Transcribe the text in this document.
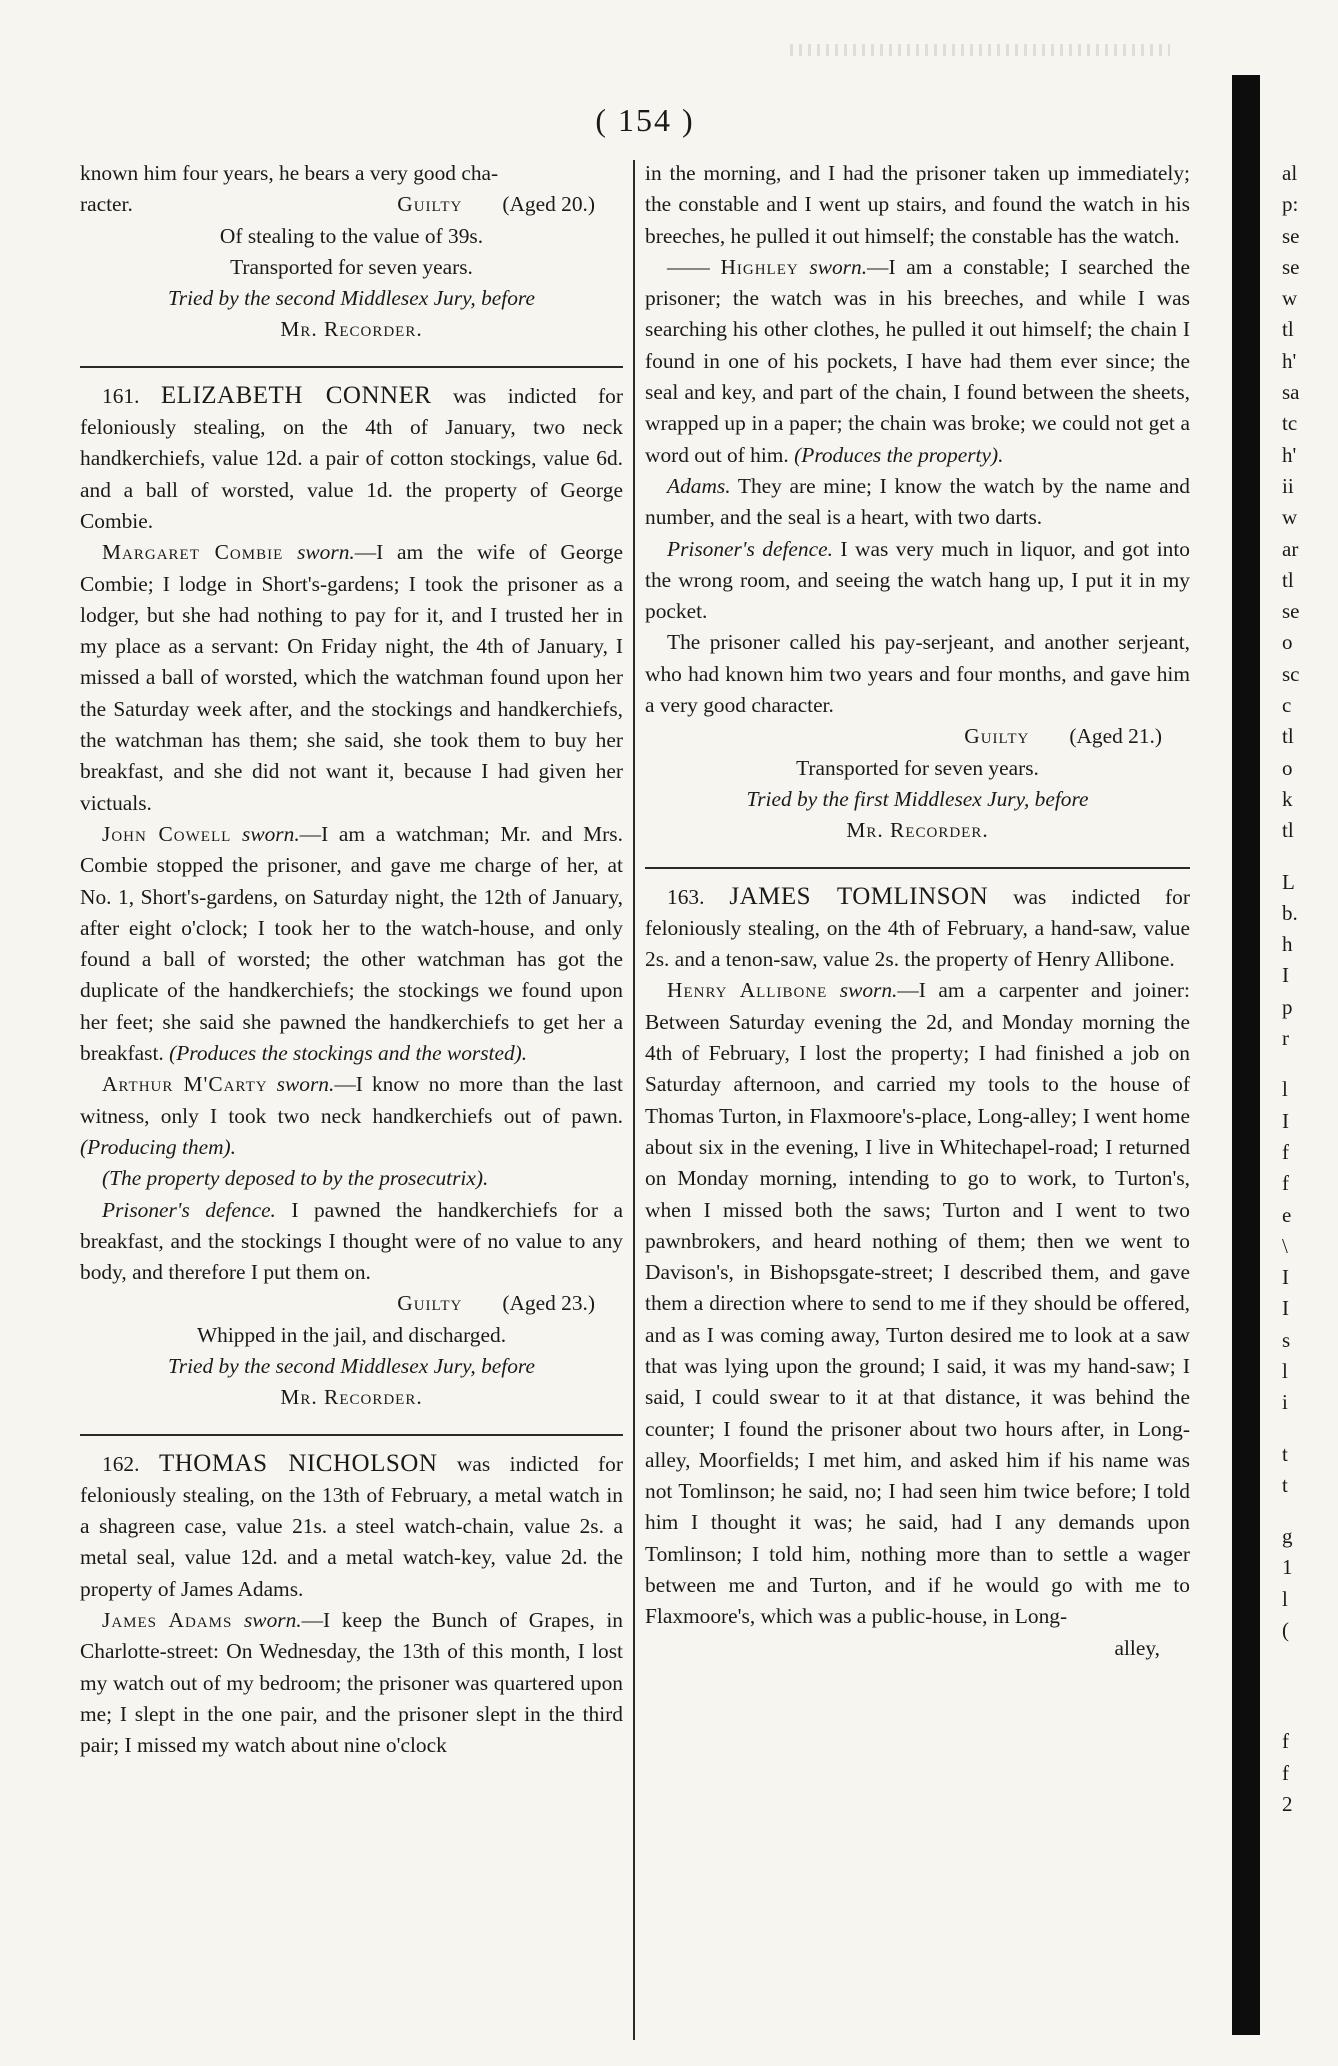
( 154 )

known him four years, he bears a very good cha-

racter.	Guilty (Aged 20.)

Of stealing to the value of 39s.

Transported for seven years.

Tried by the second Middlesex Jury, before

Mr. Recorder.

161. ELIZABETH CONNER was indicted for feloniously stealing, on the 4th of January, two neck handkerchiefs, value 12d. a pair of cotton stockings, value 6d. and a ball of worsted, value 1d. the property of George Combie.

Margaret Combie sworn.—I am the wife of George Combie; I lodge in Short's-gardens; I took the prisoner as a lodger, but she had nothing to pay for it, and I trusted her in my place as a servant: On Friday night, the 4th of January, I missed a ball of worsted, which the watchman found upon her the Saturday week after, and the stockings and handkerchiefs, the watchman has them; she said, she took them to buy her breakfast, and she did not want it, because I had given her victuals.

John Cowell sworn.—I am a watchman; Mr. and Mrs. Combie stopped the prisoner, and gave me charge of her, at No. 1, Short's-gardens, on Saturday night, the 12th of January, after eight o'clock; I took her to the watch-house, and only found a ball of worsted; the other watchman has got the duplicate of the handkerchiefs; the stockings we found upon her feet; she said she pawned the handkerchiefs to get her a breakfast. (Produces the stockings and the worsted).

Arthur M'Carty sworn.—I know no more than the last witness, only I took two neck handkerchiefs out of pawn. (Producing them).

(The property deposed to by the prosecutrix).

Prisoner's defence. I pawned the handkerchiefs for a breakfast, and the stockings I thought were of no value to any body, and therefore I put them on.

Guilty (Aged 23.)

Whipped in the jail, and discharged.

Tried by the second Middlesex Jury, before

Mr. Recorder.

162. THOMAS NICHOLSON was indicted for feloniously stealing, on the 13th of February, a metal watch in a shagreen case, value 21s. a steel watch-chain, value 2s. a metal seal, value 12d. and a metal watch-key, value 2d. the property of James Adams.

James Adams sworn.—I keep the Bunch of Grapes, in Charlotte-street: On Wednesday, the 13th of this month, I lost my watch out of my bedroom; the prisoner was quartered upon me; I slept in the one pair, and the prisoner slept in the third pair; I missed my watch about nine o'clock

in the morning, and I had the prisoner taken up immediately; the constable and I went up stairs, and found the watch in his breeches, he pulled it out himself; the constable has the watch.

—— Highley sworn.—I am a constable; I searched the prisoner; the watch was in his breeches, and while I was searching his other clothes, he pulled it out himself; the chain I found in one of his pockets, I have had them ever since; the seal and key, and part of the chain, I found between the sheets, wrapped up in a paper; the chain was broke; we could not get a word out of him. (Produces the property).

Adams. They are mine; I know the watch by the name and number, and the seal is a heart, with two darts.

Prisoner's defence. I was very much in liquor, and got into the wrong room, and seeing the watch hang up, I put it in my pocket.

The prisoner called his pay-serjeant, and another serjeant, who had known him two years and four months, and gave him a very good character.

Guilty (Aged 21.)

Transported for seven years.

Tried by the first Middlesex Jury, before

Mr. Recorder.

163. JAMES TOMLINSON was indicted for feloniously stealing, on the 4th of February, a hand-saw, value 2s. and a tenon-saw, value 2s. the property of Henry Allibone.

Henry Allibone sworn.—I am a carpenter and joiner: Between Saturday evening the 2d, and Monday morning the 4th of February, I lost the property; I had finished a job on Saturday afternoon, and carried my tools to the house of Thomas Turton, in Flaxmoore's-place, Long-alley; I went home about six in the evening, I live in Whitechapel-road; I returned on Monday morning, intending to go to work, to Turton's, when I missed both the saws; Turton and I went to two pawnbrokers, and heard nothing of them; then we went to Davison's, in Bishopsgate-street; I described them, and gave them a direction where to send to me if they should be offered, and as I was coming away, Turton desired me to look at a saw that was lying upon the ground; I said, it was my hand-saw; I said, I could swear to it at that distance, it was behind the counter; I found the prisoner about two hours after, in Long-alley, Moorfields; I met him, and asked him if his name was not Tomlinson; he said, no; I had seen him twice before; I told him I thought it was; he said, had I any demands upon Tomlinson; I told him, nothing more than to settle a wager between me and Turton, and if he would go with me to Flaxmoore's, which was a public-house, in Long-

alley,

al
p:
se
se
w
tl
h'
sa
tc
h'
ii
w
ar
tl
se
o
sc
c
tl
o
k
tl
L
b.
h
I
p
r
l
I
f
f
e
\
I
I
s
l
i
t
t
g
1
l
(
f
f
2
